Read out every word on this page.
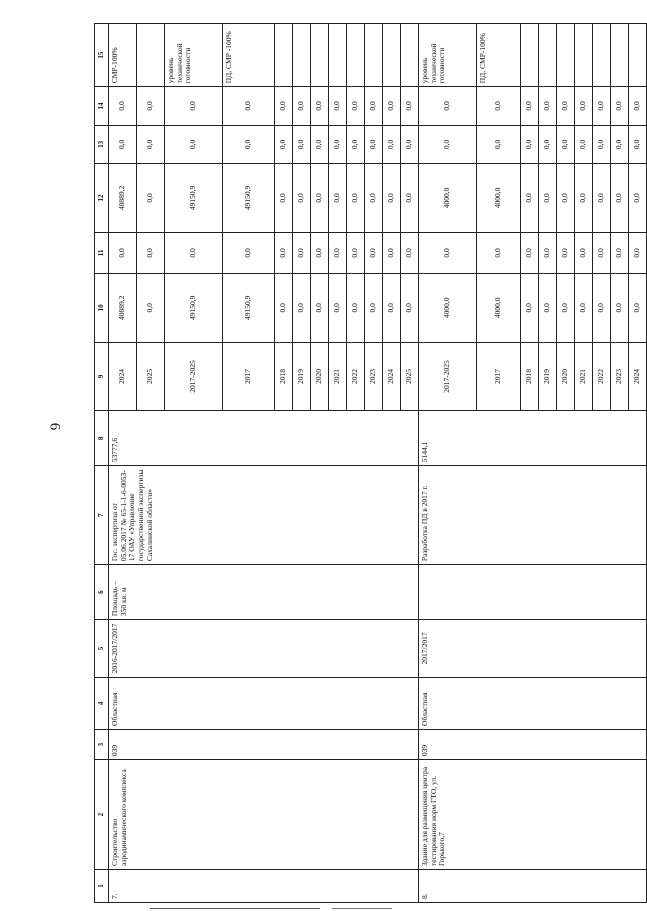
6
1	2	3	4	5	6	7	8	9	10	11	12	13	14	15
7.	Строительство аэродинамического комплекса	039	Областная	2016-2017/2017	Площадь – 350 кв. м	Гос. экспертиза от 05.06.2017 № 65-1-1-6-0053-17 ОАУ «Управление государственной экспертизы Сахалинской области»	53777,6	2024	40889,2	0,0	40889,2	0,0	0,0	СМР-100%
								2025	0,0	0,0	0,0	0,0	0,0	
								2017-2025	49150,9	0,0	49150,9	0,0	0,0	уровень технической готовности
								2017	49150,9	0,0	49150,9	0,0	0,0	ПД, СМР -100%
								2018	0,0	0,0	0,0	0,0	0,0	
								2019	0,0	0,0	0,0	0,0	0,0	
								2020	0,0	0,0	0,0	0,0	0,0	
								2021	0,0	0,0	0,0	0,0	0,0	
								2022	0,0	0,0	0,0	0,0	0,0	
								2023	0,0	0,0	0,0	0,0	0,0	
								2024	0,0	0,0	0,0	0,0	0,0	
								2025	0,0	0,0	0,0	0,0	0,0	
8.	Здание для размещения центра тестирования норм ГТО, ул. Горького,7	039	Областная	2017/2017		Разработка ПД в 2017 г.	5144,1	2017-2025	4000,0	0,0	4000,0	0,0	0,0	уровень технической готовности
								2017	4000,0	0,0	4000,0	0,0	0,0	ПД, СМР-100%
								2018	0,0	0,0	0,0	0,0	0,0	
								2019	0,0	0,0	0,0	0,0	0,0	
								2020	0,0	0,0	0,0	0,0	0,0	
								2021	0,0	0,0	0,0	0,0	0,0	
								2022	0,0	0,0	0,0	0,0	0,0	
								2023	0,0	0,0	0,0	0,0	0,0	
								2024	0,0	0,0	0,0	0,0	0,0	
